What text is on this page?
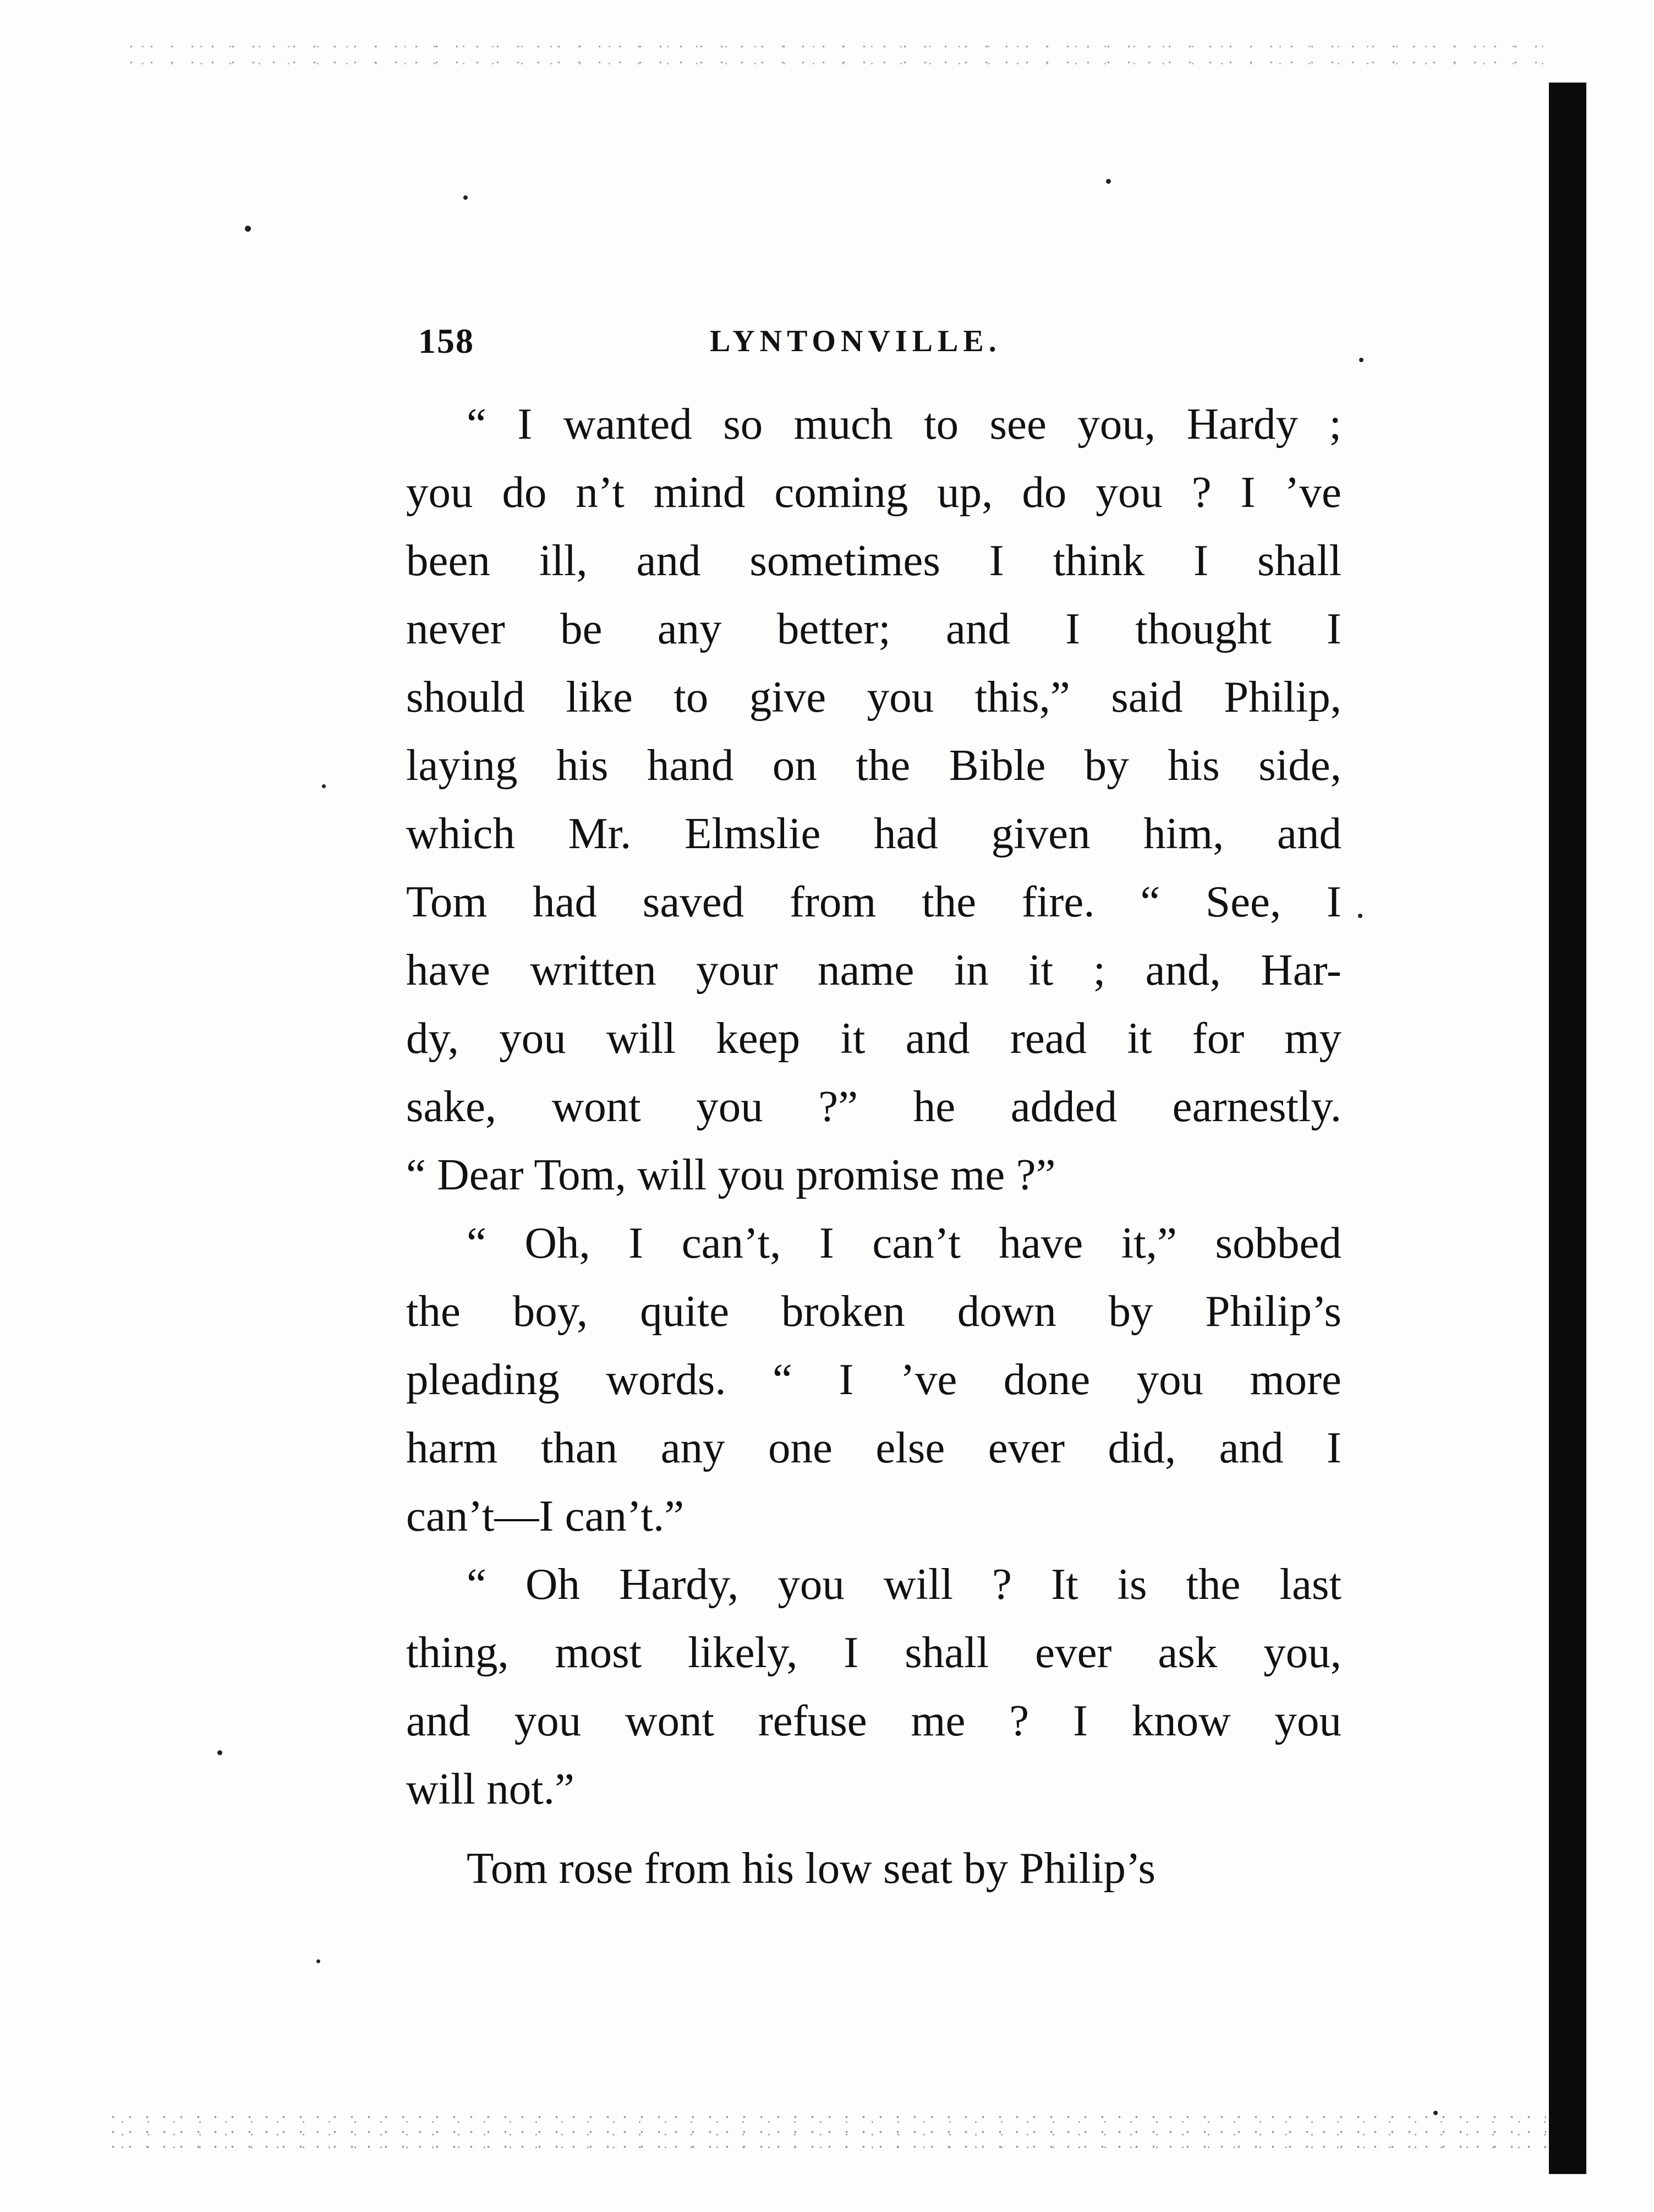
158	LYNTONVILLE.
“ I wanted so much to see you, Hardy ;
you do n’t mind coming up, do you ? I ’ve
been ill, and sometimes I think I shall
never be any better; and I thought I
should like to give you this,” said Philip,
laying his hand on the Bible by his side,
which Mr. Elmslie had given him, and
Tom had saved from the fire. “ See, I
have written your name in it ; and, Har-
dy, you will keep it and read it for my
sake, wont you ?” he added earnestly.
“ Dear Tom, will you promise me ?”
“ Oh, I can’t, I can’t have it,” sobbed
the boy, quite broken down by Philip’s
pleading words. “ I ’ve done you more
harm than any one else ever did, and I
can’t—I can’t.”
“ Oh Hardy, you will ? It is the last
thing, most likely, I shall ever ask you,
and you wont refuse me ? I know you
will not.”
Tom rose from his low seat by Philip’s
